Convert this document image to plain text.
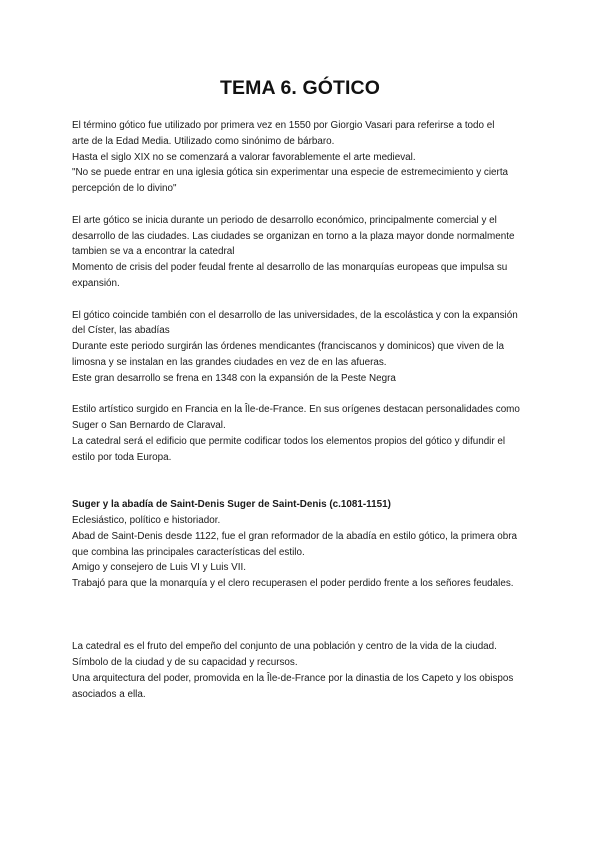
TEMA 6. GÓTICO
El término gótico fue utilizado por primera vez en 1550 por Giorgio Vasari para referirse a todo el
arte de la Edad Media. Utilizado como sinónimo de bárbaro.
Hasta el siglo XIX no se comenzará a valorar favorablemente el arte medieval.
"No se puede entrar en una iglesia gótica sin experimentar una especie de estremecimiento y cierta
percepción de lo divino"
El arte gótico se inicia durante un periodo de desarrollo económico, principalmente comercial y el
desarrollo de las ciudades. Las ciudades se organizan en torno a la plaza mayor donde normalmente
tambien se va a encontrar la catedral
Momento de crisis del poder feudal frente al desarrollo de las monarquías europeas que impulsa su
expansión.
El gótico coincide también con el desarrollo de las universidades, de la escolástica y con la expansión
del Císter, las abadías
Durante este periodo surgirán las órdenes mendicantes (franciscanos y dominicos) que viven de la
limosna y se instalan en las grandes ciudades en vez de en las afueras.
Este gran desarrollo se frena en 1348 con la expansión de la Peste Negra
Estilo artístico surgido en Francia en la Île-de-France. En sus orígenes destacan personalidades como
Suger o San Bernardo de Claraval.
La catedral será el edificio que permite codificar todos los elementos propios del gótico y difundir el
estilo por toda Europa.
Suger y la abadía de Saint-Denis Suger de Saint-Denis (c.1081-1151)
Eclesiástico, político e historiador.
Abad de Saint-Denis desde 1122, fue el gran reformador de la abadía en estilo gótico, la primera obra
que combina las principales características del estilo.
Amigo y consejero de Luis VI y Luis VII.
Trabajó para que la monarquía y el clero recuperasen el poder perdido frente a los señores feudales.
La catedral es el fruto del empeño del conjunto de una población y centro de la vida de la ciudad.
Símbolo de la ciudad y de su capacidad y recursos.
Una arquitectura del poder, promovida en la Île-de-France por la dinastia de los Capeto y los obispos
asociados a ella.
